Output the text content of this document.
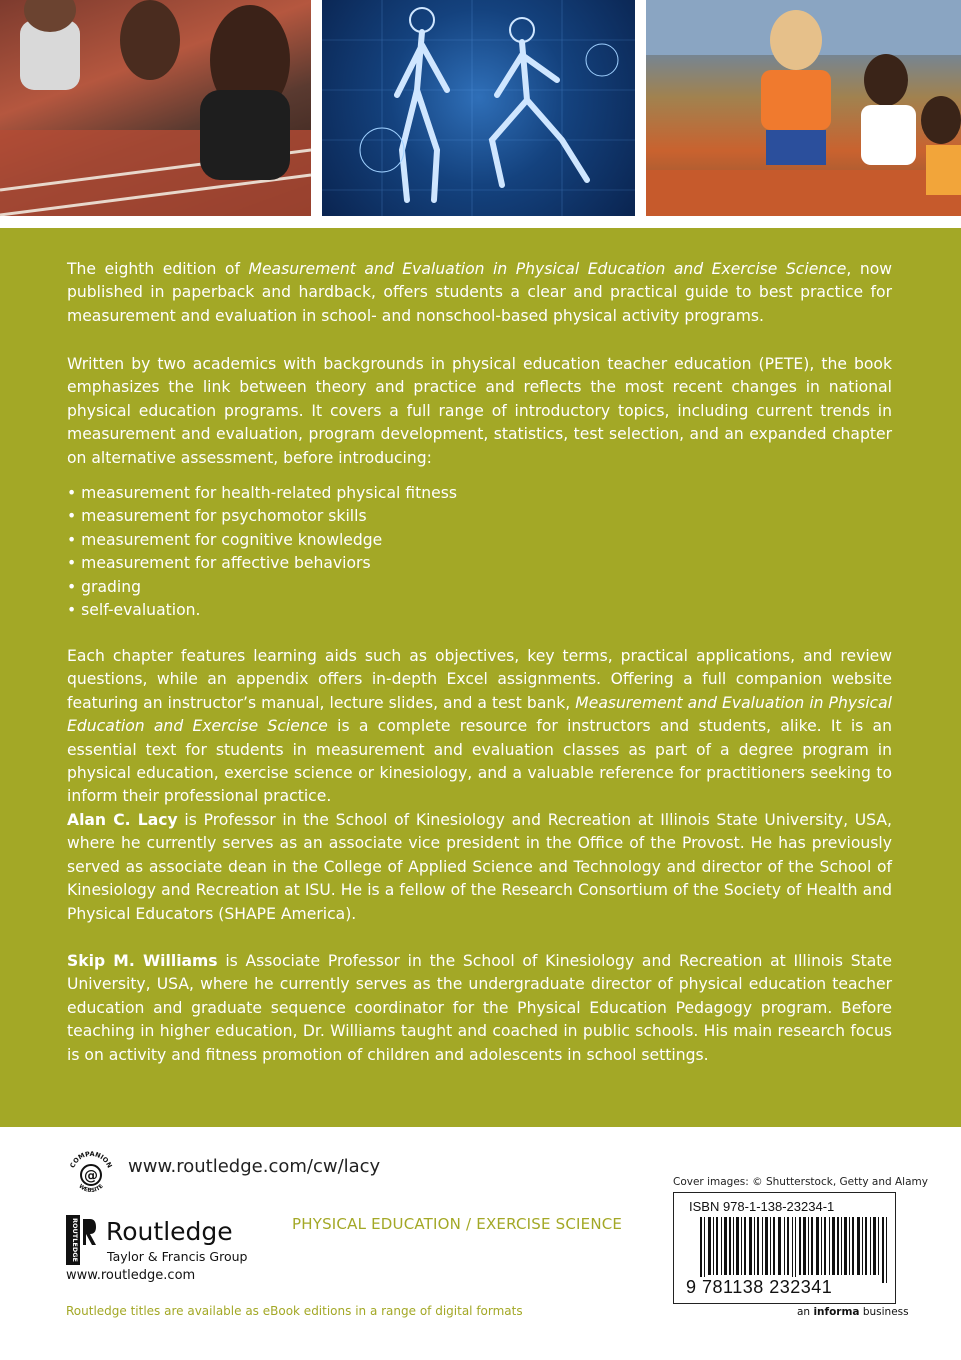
The eighth edition of Measurement and Evaluation in Physical Education and Exercise Science, now published in paperback and hardback, offers students a clear and practical guide to best practice for measurement and evaluation in school- and nonschool-based physical activity programs.

Written by two academics with backgrounds in physical education teacher education (PETE), the book emphasizes the link between theory and practice and reflects the most recent changes in national physical education programs. It covers a full range of introductory topics, including current trends in measurement and evaluation, program development, statistics, test selection, and an expanded chapter on alternative assessment, before introducing:

• measurement for health-related physical fitness
• measurement for psychomotor skills
• measurement for cognitive knowledge
• measurement for affective behaviors
• grading
• self-evaluation.

Each chapter features learning aids such as objectives, key terms, practical applications, and review questions, while an appendix offers in-depth Excel assignments. Offering a full companion website featuring an instructor’s manual, lecture slides, and a test bank, Measurement and Evaluation in Physical Education and Exercise Science is a complete resource for instructors and students, alike. It is an essential text for students in measurement and evaluation classes as part of a degree program in physical education, exercise science or kinesiology, and a valuable reference for practitioners seeking to inform their professional practice.

Alan C. Lacy is Professor in the School of Kinesiology and Recreation at Illinois State University, USA, where he currently serves as an associate vice president in the Office of the Provost. He has previously served as associate dean in the College of Applied Science and Technology and director of the School of Kinesiology and Recreation at ISU. He is a fellow of the Research Consortium of the Society of Health and Physical Educators (SHAPE America).

Skip M. Williams is Associate Professor in the School of Kinesiology and Recreation at Illinois State University, USA, where he currently serves as the undergraduate director of physical education teacher education and graduate sequence coordinator for the Physical Education Pedagogy program. Before teaching in higher education, Dr. Williams taught and coached in public schools. His main research focus is on activity and fitness promotion of children and adolescents in school settings.

COMPANION
WEBSITE
@ www.routledge.com/cw/lacy
ROUTLEDGE Routledge
Taylor & Francis Group
www.routledge.com
PHYSICAL EDUCATION / EXERCISE SCIENCE
Routledge titles are available as eBook editions in a range of digital formats
Cover images: © Shutterstock, Getty and Alamy
ISBN 978-1-138-23234-1
9 781138 232341
an informa business
